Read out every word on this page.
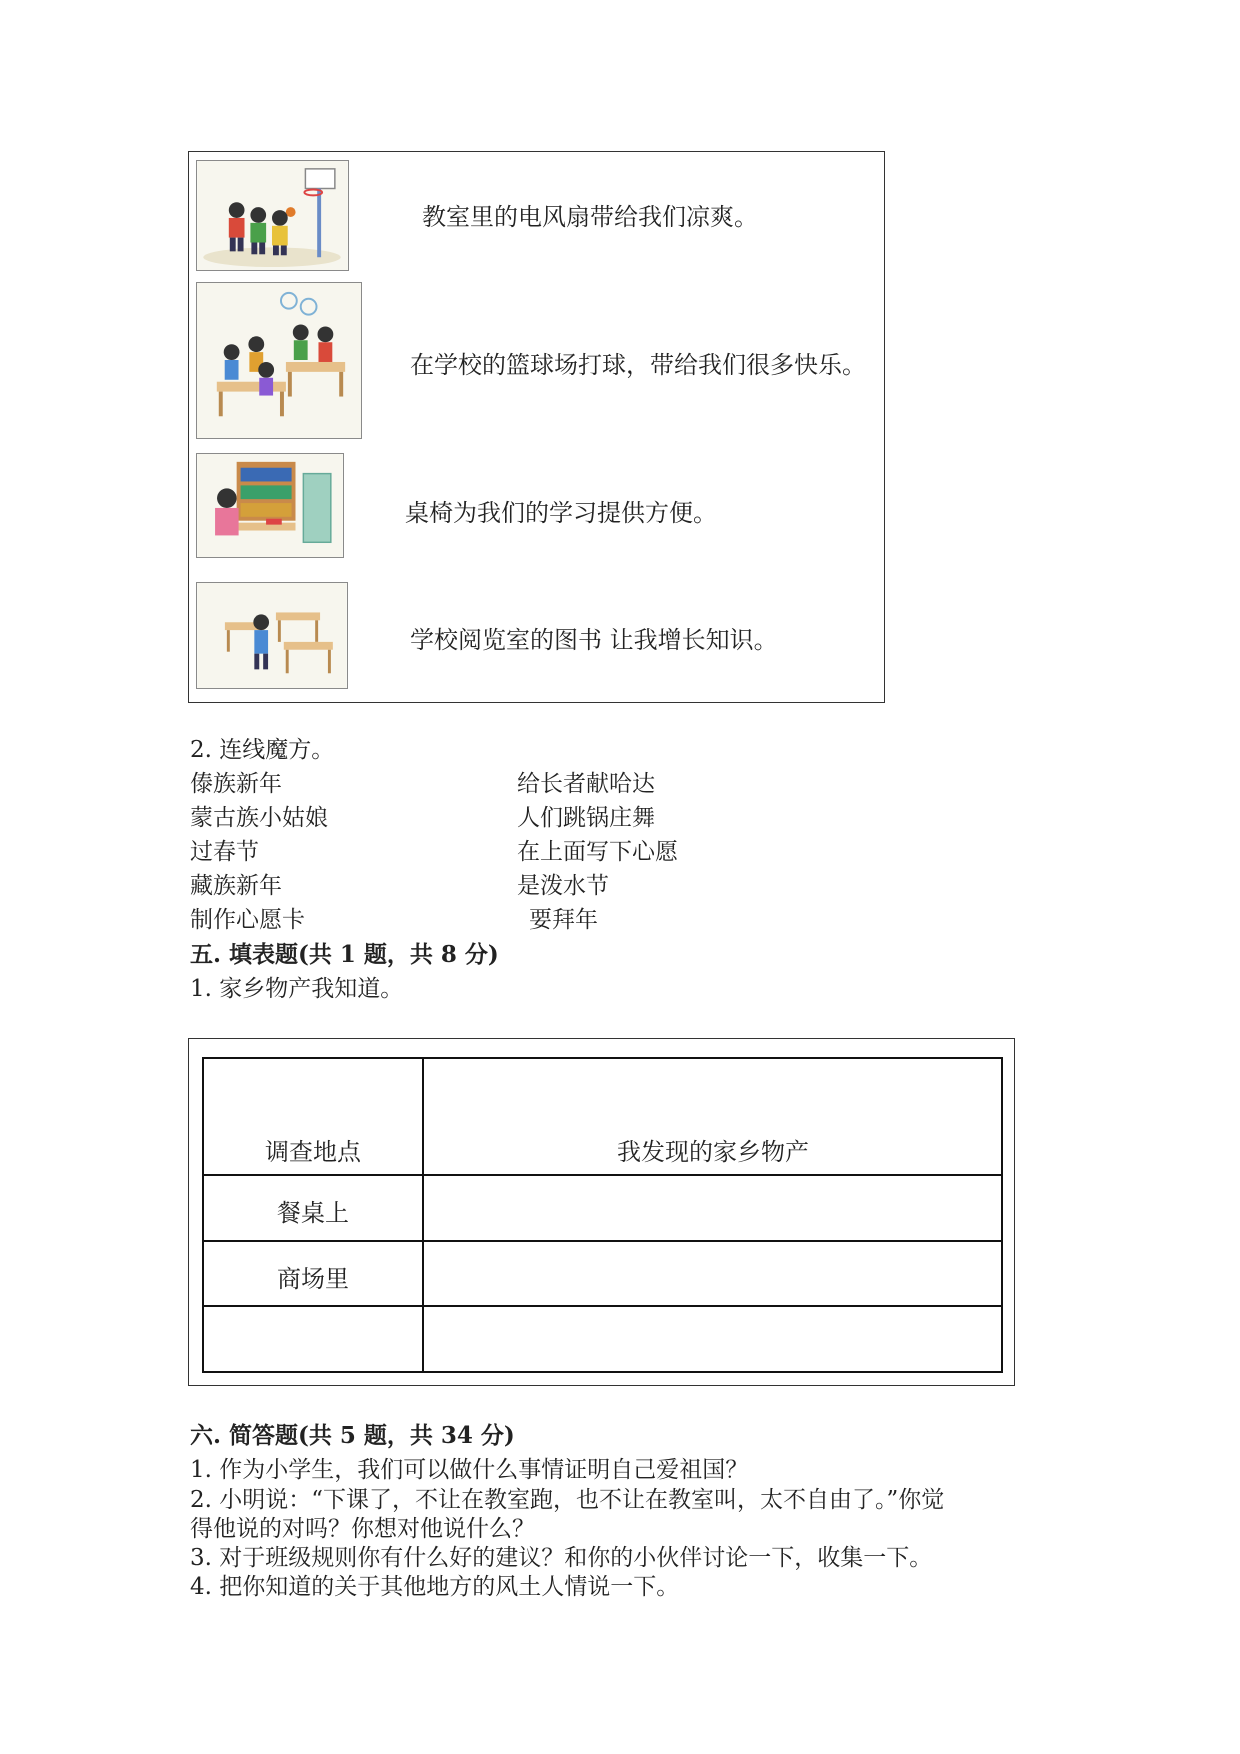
教室里的电风扇带给我们凉爽。
在学校的篮球场打球，带给我们很多快乐。
桌椅为我们的学习提供方便。
学校阅览室的图书 让我增长知识。
2. 连线魔方。
傣族新年
蒙古族小姑娘
过春节
藏族新年
制作心愿卡
给长者献哈达
人们跳锅庄舞
在上面写下心愿
是泼水节
要拜年
五. 填表题(共 1 题，共 8 分)
1. 家乡物产我知道。
调查地点	我发现的家乡物产
餐桌上
商场里
六. 简答题(共 5 题，共 34 分)
1. 作为小学生，我们可以做什么事情证明自己爱祖国？
2. 小明说：“下课了，不让在教室跑，也不让在教室叫，太不自由了。”你觉
得他说的对吗？你想对他说什么？
3. 对于班级规则你有什么好的建议？和你的小伙伴讨论一下，收集一下。
4. 把你知道的关于其他地方的风土人情说一下。
